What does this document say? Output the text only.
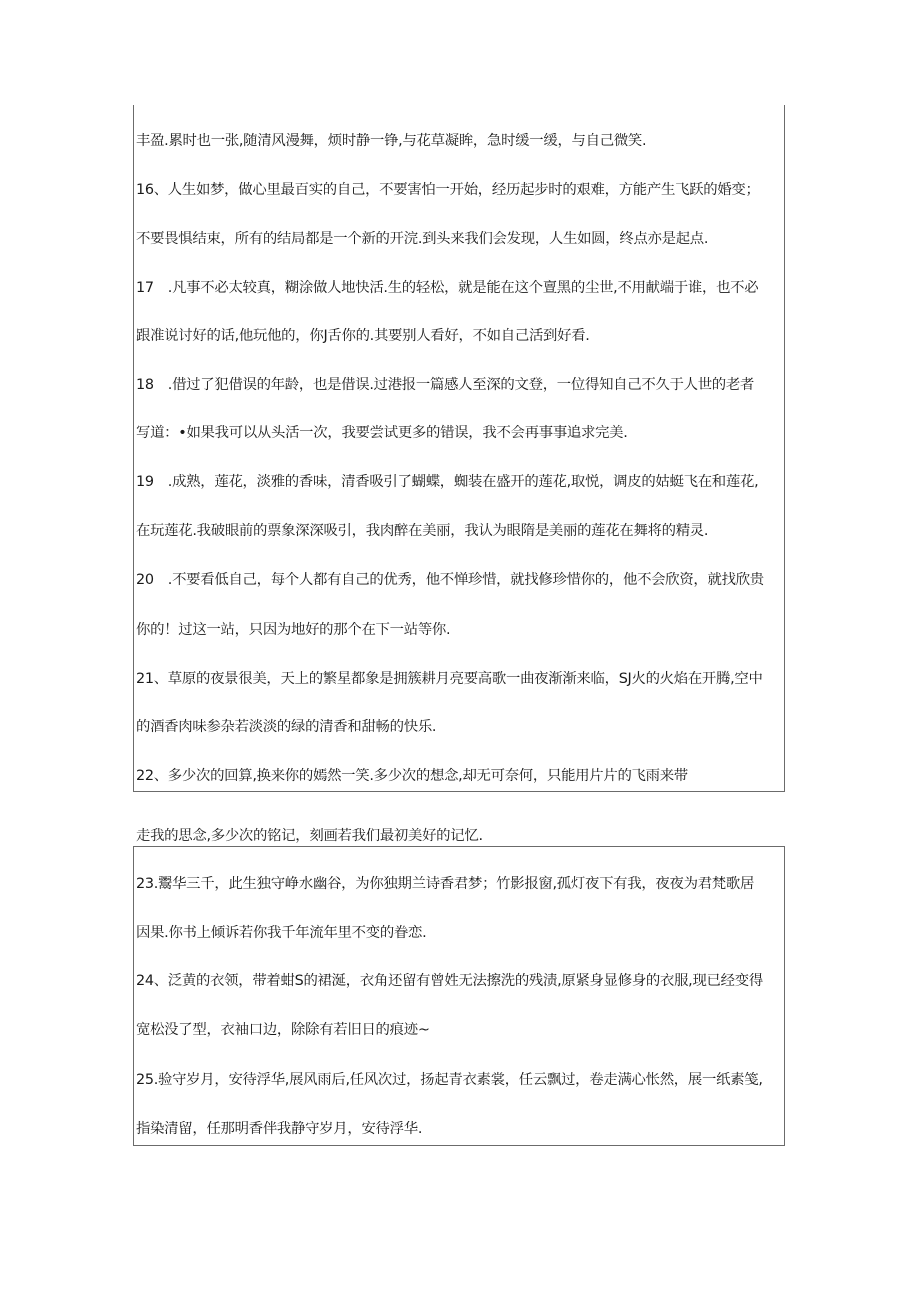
丰盈.累时也一张,随清风漫舞，烦时静一铮,与花草凝眸，急时缓一缓，与自己微笑.
16、人生如梦，做心里最百实的自己，不要害怕一开始，经历起步时的艰难，方能产生飞跃的婚变；
不要畏惧结束，所有的结局都是一个新的开浣.到头来我们会发现，人生如圆，终点亦是起点.
17　.凡事不必太较真，糊涂做人地快活.生的轻松，就是能在这个亶黑的尘世,不用献端于谁，也不必
跟准说讨好的话,他玩他的，你J舌你的.其要别人看好，不如自己活到好看.
18　.借过了犯借误的年龄，也是借误.过港报一篇感人至深的文登，一位得知自己不久于人世的老者
写道：•如果我可以从头活一次，我要尝试更多的错误，我不会再事事追求完美.
19　.成熟，莲花，淡雅的香味，清香吸引了蝴蝶，蜘装在盛开的莲花,取悦，调皮的姑蜓飞在和莲花,
在玩莲花.我破眼前的票象深深吸引，我肉醉在美丽，我认为眼隋是美丽的莲花在舞将的精灵.
20　.不要看低自己，每个人都有自己的优秀，他不惮珍惜，就找修珍惜你的，他不会欣资，就找欣贵
你的！过这一站，只因为地好的那个在下一站等你.
21、草原的夜景很美，天上的繁星都象是拥簇耕月亮要高歌一曲夜渐渐来临，SJ火的火焰在开腾,空中
的酒香肉味参杂若淡淡的绿的清香和甜畅的快乐.
22、多少次的回算,换来你的嫣然一笑.多少次的想念,却无可奈何，只能用片片的飞雨来带
走我的思念,多少次的铭记，刻画若我们最初美好的记忆.
23.鬻华三千，此生独守峥水幽谷，为你独期兰诗香君梦；竹影报窗,孤灯夜下有我，夜夜为君梵歌居
因果.你书上倾诉若你我千年流年里不变的眷恋.
24、泛黄的衣领，带着蚶S的裙涎，衣角还留有曾姓无法擦洗的残渍,原紧身显修身的衣服,现已经变得
宽松没了型，衣袖口边，除除有若旧日的痕迹~
25.验守岁月，安待浮华,展风雨后,任风次过，扬起青衣素裳，任云飘过，卷走满心怅然，展一纸素笺,
指染清留，任那明香伴我静守岁月，安待浮华.
